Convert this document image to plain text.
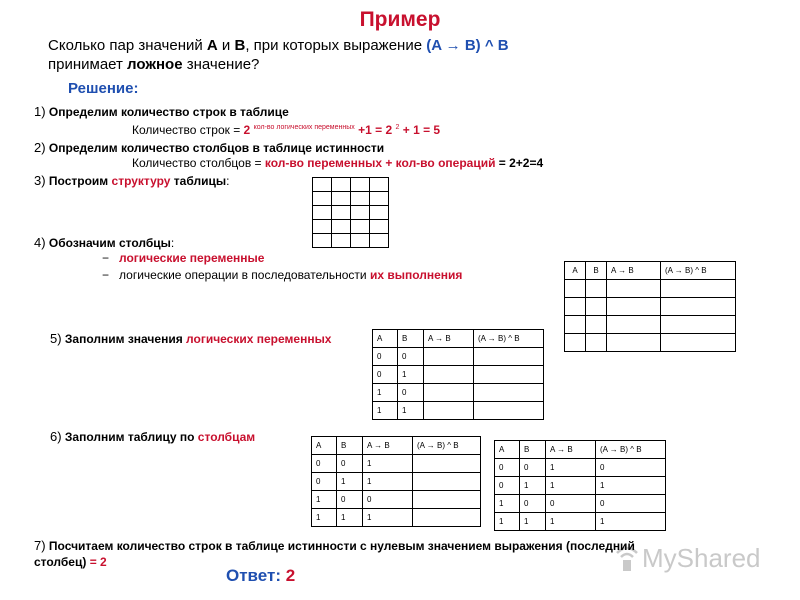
Пример
Сколько пар значений A и B, при которых выражение (A → B) ^ B
принимает ложное значение?
Решение:
1) Определим количество строк в таблице
Количество строк = 2 $^{кол-во логических переменных}$ +1 = 2 $^2$ + 1 = 5
2) Определим количество столбцов в таблице истинности
Количество столбцов = кол-во переменных + кол-во операций = 2+2=4
3) Построим структуру таблицы:

4) Обозначим столбцы:
−   логические переменные
−   логические операции в последовательности их выполнения	A	B	A → B	(A → B) ^ B

5) Заполним значения логических переменных	A	B	A → B	(A → B) ^ B
0	0		
0	1		
1	0		
1	1		
6) Заполним таблицу по столбцам
A	B	A → B	(A → B) ^ B
0	0	1	
0	1	1	
1	0	0	
1	1	1	
A	B	A → B	(A → B) ^ B
0	0	1	0
0	1	1	1
1	0	0	0
1	1	1	1
MyShared
7) Посчитаем количество строк в таблице истинности с нулевым значением выражения (последний
столбец) = 2
Ответ: 2
